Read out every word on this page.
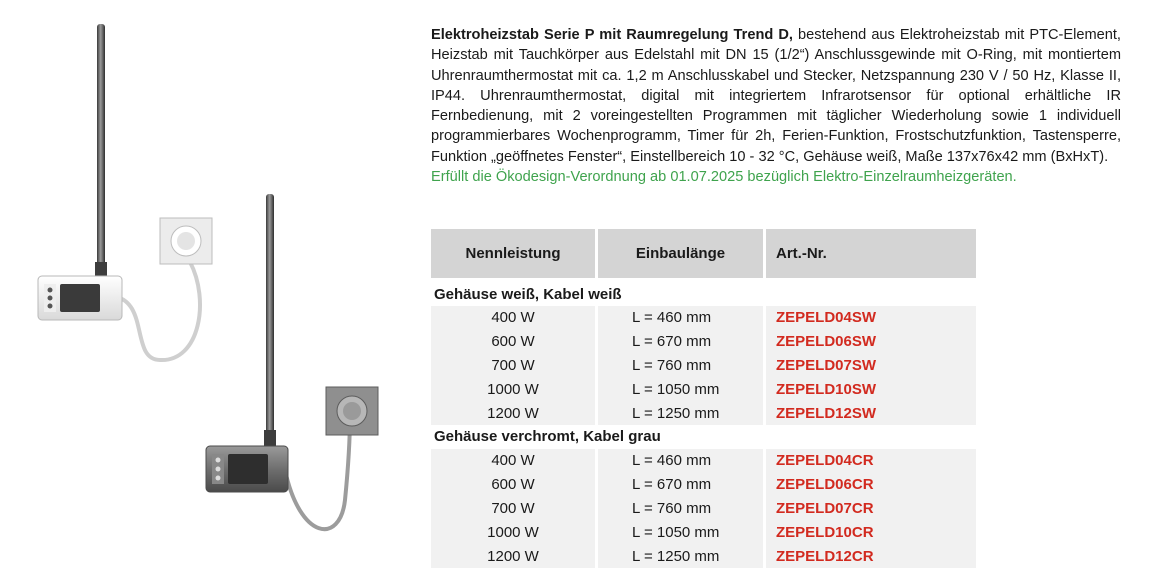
Elektroheizstab Serie P mit Raumregelung Trend D, bestehend aus Elektroheizstab mit PTC-Element, Heizstab mit Tauchkörper aus Edelstahl mit DN 15 (1/2“) Anschlussgewinde mit O-Ring, mit montiertem Uhrenraumthermostat mit ca. 1,2 m Anschlusskabel und Stecker, Netzspannung 230 V / 50 Hz, Klasse II, IP44. Uhrenraumthermostat, digital mit integriertem Infrarotsensor für optional erhältliche IR Fernbedienung, mit 2 voreingestellten Programmen mit täglicher Wiederholung sowie 1 individuell programmierbares Wochenprogramm, Timer für 2h, Ferien-Funktion, Frostschutzfunktion, Tastensperre, Funktion „geöffnetes Fenster“, Einstellbereich 10 - 32 °C, Gehäuse weiß, Maße 137x76x42 mm (BxHxT).

Erfüllt die Ökodesign-Verordnung ab 01.07.2025 bezüglich Elektro-Einzelraumheizgeräten.

Nennleistung	Einbaulänge	Art.-Nr.

Gehäuse weiß, Kabel weiß		
400 W	L = 460 mm	ZEPELD04SW
600 W	L = 670 mm	ZEPELD06SW
700 W	L = 760 mm	ZEPELD07SW
1000 W	L = 1050 mm	ZEPELD10SW
1200 W	L = 1250 mm	ZEPELD12SW
Gehäuse verchromt, Kabel grau		
400 W	L = 460 mm	ZEPELD04CR
600 W	L = 670 mm	ZEPELD06CR
700 W	L = 760 mm	ZEPELD07CR
1000 W	L = 1050 mm	ZEPELD10CR
1200 W	L = 1250 mm	ZEPELD12CR
